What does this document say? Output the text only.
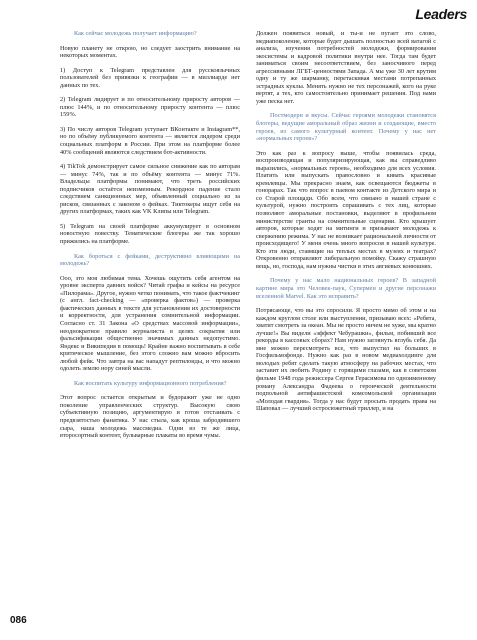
Leaders

Как сейчас молодежь получает информацию?

Новую планету не открою, но следует заострить внимание на некоторых моментах.

1) Доступ к Telegram представлен для русскоязычных пользователей без привязки к географии — в миллиарде нет данных по тех.

2) Telegram лидирует и по относительному приросту авторов — плюс 144%, и по относительному приросту контента — плюс 159%.

3) По числу авторов Telegram уступает ВКонтакте и Instagram**, но по объёму публикуемого контента — является лидером среди социальных платформ в России. При этом на платформе более 40% сообщений являются следствием бот-активности.

4) TikTok демонстрирует самое сильное снижение как по авторам — минус 74%, так и по объёму контента — минус 71%. Владельцы платформы понимают, что треть российских подписчиков остаётся неизменным. Рекордное падение стало следствием санкционных мер, объявленный социально из за рисков, связанных с законом о фейках. Тиктокеры ищут себя на других платформах, таких как VK Клипы или Telegram.

5) Telegram на своей платформе аккумулирует в основном новостную повестку. Тематические блогеры же так хорошо прижились на платформе.

Как бороться с фейками, деструктивно влияющими на молодежь?

Ооо, это моя любимая тема. Хочешь ощутить себя агентом на уровне эксперта давних войск? Читай графы и кейсы на ресурсе «Пилорама». Другое, нужно четко понимать, что такое фактчекинг (с англ. fact-checking — «проверка фактов») — проверка фактических данных в тексте для установления их достоверности и корректности, для устранения сомнительной информации. Согласно ст. 31 Закона «О средствах массовой информации», неоднократное правило журналиста в целях сокрытия или фальсификации общественно значимых данных недопустимо. Яндекс и Википедия в помощь! Крайне важно воспитывать в себе критическое мышление, без этого сложно вам можно вбросить любой фейк. Что завтра на вас нападут рептилоиды, и что можно одолеть землю нору синей мысли.

Как воспитать культуру информационного потребления?

Этот вопрос остается открытым и будоражит уже не одно поколение управленческих структур. Высокую свою субъективную позицию, аргументирую и готов отстаивать с предвзятостью фанатика. У нас стыла, как кроша забродившего сыра, наша молодежь массмедиа. Одни из те же лица, второсортный контент, бульварные плакаты во время чумы.

Должен появиться новый, и ты-и не пугает это слово, медиапоколение, которые будет дышать полностью всей ватагой с анализа, изучения потребностей молодежи, формирования экосистемы и кадровой политики внутри нее. Тогда там будет заниматься своим несоответствием, без заносчивого перед агрессивными ЛГБТ-ценностями Запада. А мы уже 30 лет крутим одну и ту же шарманку, перетаскивая местами потрепанных эстрадных куклы. Менять нужно не тех персонажей, кого на руке вертят, а тех, кто самостоятельно принимает решения. Под нами уже песка нет.

Постмодерн и вкусы. Сейчас героями молодежи становятся блогеры, ведущие аморальный образ жизни и создающие, вместо героев, из самого культурный контент. Почему у нас нет «нормальных героев»?

Это как раз к вопросу выше, чтобы появилась среда, воспроизводящая и популяризирующая, как вы справедливо выразились, «нормальных героев», необходимо для всех условия. Платить или выпускать правословно и кивать красивые кремлевцы. Мы прекрасно знаем, как освещаются бюджеты в гонорарах. Так что вопрос в паевом контакте из Детского мира и со Старой площади. Обо всем, что связано в нашей стране с культурой, нужно построить спрашивать с тех лиц, которые позволяют аморальные постановки, выделяют в профильном министерстве гранты на сомнительные сценарии. Кто крышует авторов, которые ходят на митинги и призывают молодежь к свержению режима. У нас не возникает рациональной личности от происходящего! У меня очень много вопросов в нашей культуре. Кто эти люди, ставящие на теплых местах в музеях и театрах? Откровенно отправляют либеральную помойку. Скажу страшную вещь, но, господа, нам нужны чистки в этих авгиевых конюшнях.

Почему у нас мало национальных героев? В западной картине мира это Человек-паук, Супермен и другие персонажи вселенной Marvel. Как это исправить?

Потрясающе, что вы это спросили. Я просто мимо об этом и на каждом круглом столе или выступлении, призываю всех: «Ребята, хватит смотреть за океан. Мы не просто ничем не хуже, мы кратно лучше!» Вы видели «эффект Чебурашки», фильм, побивший все рекорды в кассовых сборах? Нам нужно заглянуть вглубь себя. Да мне можно пересмотреть все, что выпустил на больших в Госфильмофонде. Нужно как раз в новом медиахолдинге для молодых ребят сделать такую атмосферу на рабочих местах, что заставит их любить Родину с горящими глазами, как в советском фильме 1948 года режиссера Сергея Герасимова по одноименному роману Александра Фадеева о героической деятельности подпольной антифашистской комсомольской организации «Молодая гвардия». Тогда у нас будут просыть продать права на Шаповал — лучший остросюжетный триллер, и на

086
